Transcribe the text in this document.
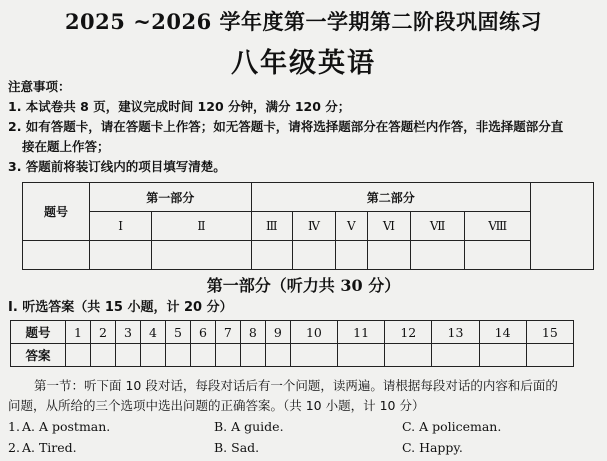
2025 ~2026 学年度第一学期第二阶段巩固练习
八年级英语
注意事项：
1. 本试卷共 8 页，建议完成时间 120 分钟，满分 120 分；
2. 如有答题卡，请在答题卡上作答；如无答题卡，请将选择题部分在答题栏内作答，非选择题部分直
接在题上作答；
3. 答题前将装订线内的项目填写清楚。
题号	第一部分		第二部分						
	Ⅰ	Ⅱ	Ⅲ	Ⅳ	Ⅴ	Ⅵ	Ⅶ	Ⅷ	

第一部分（听力共 30 分）
Ⅰ. 听选答案（共 15 小题，计 20 分）
题号	1	2	3	4	5	6	7	8	9	10	11	12	13	14	15
答案															
第一节：听下面 10 段对话，每段对话后有一个问题，读两遍。请根据每段对话的内容和后面的
问题，从所给的三个选项中选出问题的正确答案。（共 10 小题，计 10 分）
1. A. A postman.	B. A guide.	C. A policeman.
2. A. Tired.	B. Sad.	C. Happy.
